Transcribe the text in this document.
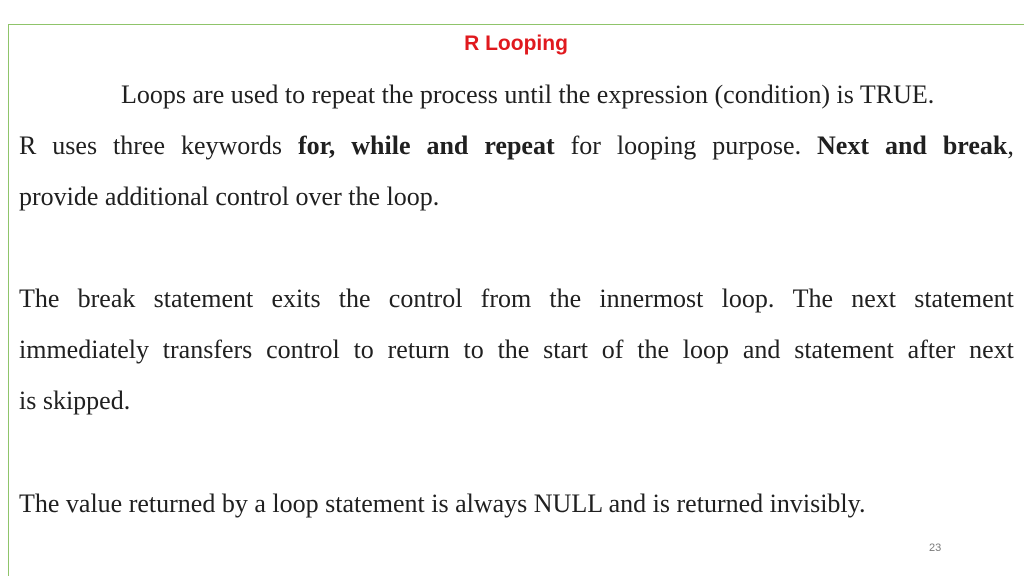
R Looping
Loops are used to repeat the process until the expression (condition) is TRUE.
R uses three keywords for, while and repeat for looping purpose. Next and break,
provide additional control over the loop.
The break statement exits the control from the innermost loop. The next statement
immediately transfers control to return to the start of the loop and statement after next
is skipped.
The value returned by a loop statement is always NULL and is returned invisibly.
23
